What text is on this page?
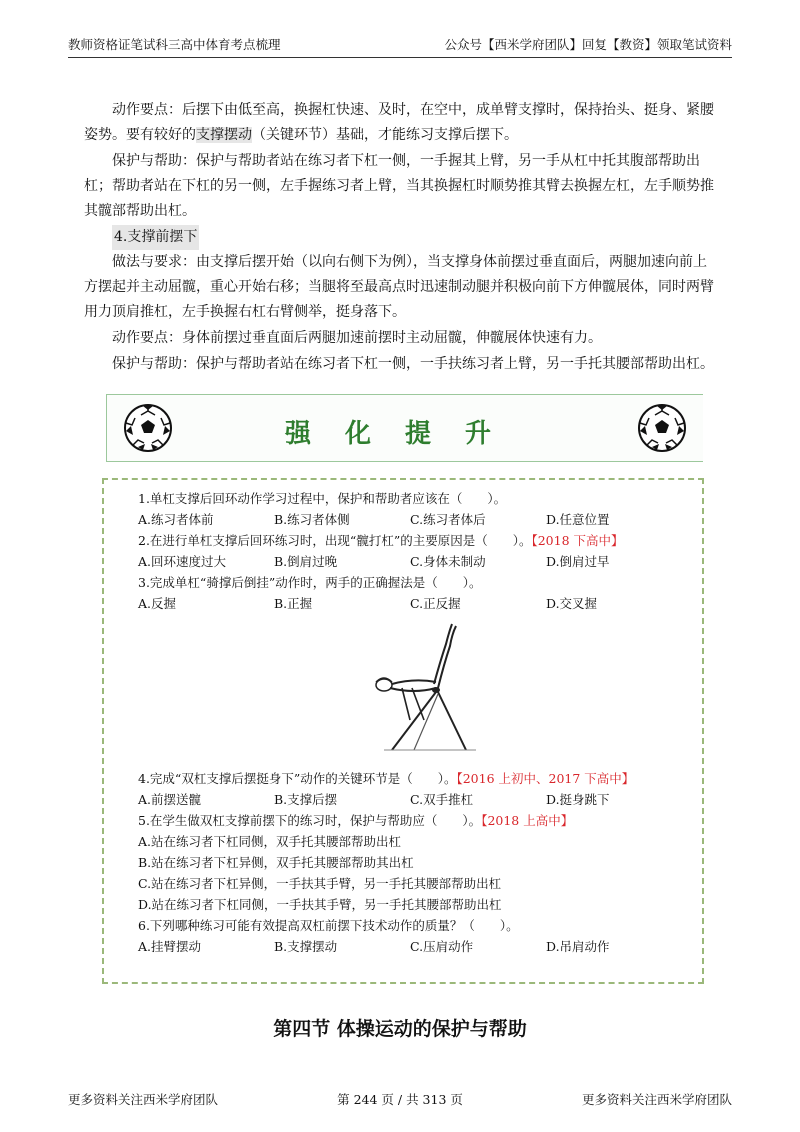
教师资格证笔试科三高中体育考点梳理	公众号【西米学府团队】回复【教资】领取笔试资料

动作要点：后摆下由低至高，换握杠快速、及时，在空中，成单臂支撑时，保持抬头、挺身、紧腰姿势。要有较好的支撑摆动（关键环节）基础，才能练习支撑后摆下。

保护与帮助：保护与帮助者站在练习者下杠一侧，一手握其上臂，另一手从杠中托其腹部帮助出杠；帮助者站在下杠的另一侧，左手握练习者上臂，当其换握杠时顺势推其臂去换握左杠，左手顺势推其髋部帮助出杠。

4.支撑前摆下

做法与要求：由支撑后摆开始（以向右侧下为例），当支撑身体前摆过垂直面后，两腿加速向前上方摆起并主动屈髋，重心开始右移；当腿将至最高点时迅速制动腿并积极向前下方伸髋展体，同时两臂用力顶肩推杠，左手换握右杠右臂侧举，挺身落下。

动作要点：身体前摆过垂直面后两腿加速前摆时主动屈髋，伸髋展体快速有力。

保护与帮助：保护与帮助者站在练习者下杠一侧，一手扶练习者上臂，另一手托其腰部帮助出杠。

强化提升
1.单杠支撑后回环动作学习过程中，保护和帮助者应该在（　　）。
A.练习者体前	B.练习者体侧	C.练习者体后	D.任意位置
2.在进行单杠支撑后回环练习时，出现“髋打杠”的主要原因是（　　）。【2018 下高中】
A.回环速度过大	B.倒肩过晚	C.身体未制动	D.倒肩过早
3.完成单杠“骑撑后倒挂”动作时，两手的正确握法是（　　）。
A.反握	B.正握	C.正反握	D.交叉握
4.完成“双杠支撑后摆挺身下”动作的关键环节是（　　）。【2016 上初中、2017 下高中】
A.前摆送髋	B.支撑后摆	C.双手推杠	D.挺身跳下
5.在学生做双杠支撑前摆下的练习时，保护与帮助应（　　）。【2018 上高中】
A.站在练习者下杠同侧，双手托其腰部帮助出杠
B.站在练习者下杠异侧，双手托其腰部帮助其出杠
C.站在练习者下杠异侧，一手扶其手臂，另一手托其腰部帮助出杠
D.站在练习者下杠同侧，一手扶其手臂，另一手托其腰部帮助出杠
6.下列哪种练习可能有效提高双杠前摆下技术动作的质量？（　　）。
A.挂臂摆动	B.支撑摆动	C.压肩动作	D.吊肩动作
第四节 体操运动的保护与帮助
更多资料关注西米学府团队	第 244 页 / 共 313 页	更多资料关注西米学府团队
